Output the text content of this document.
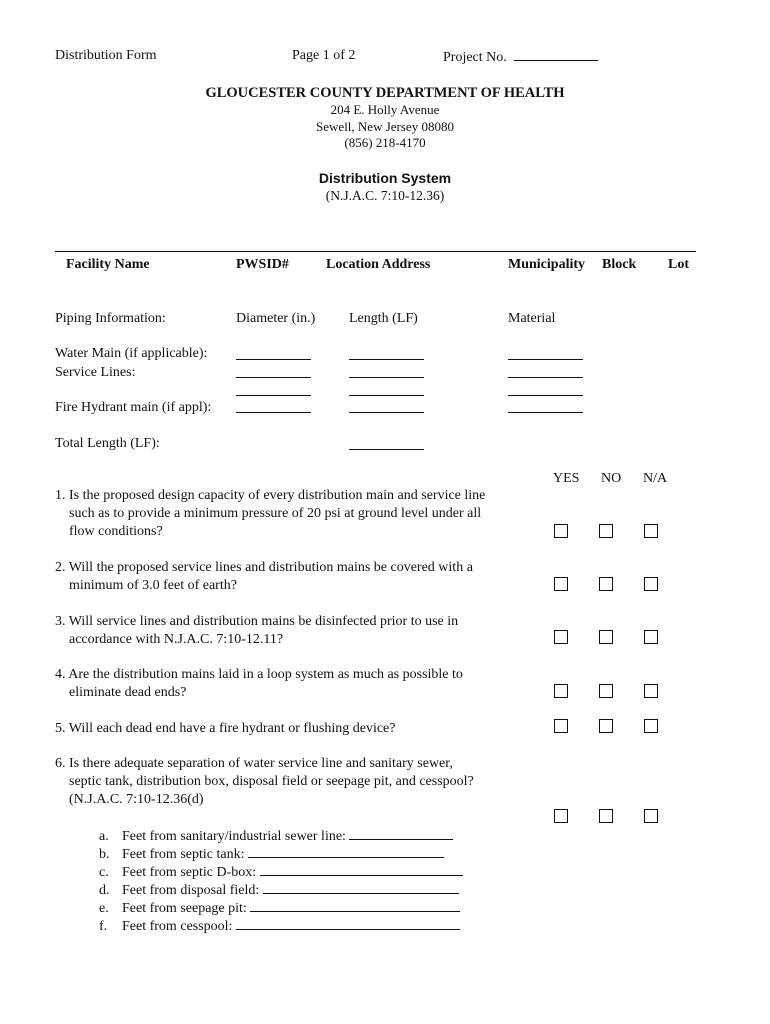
Distribution Form	Page 1 of 2	Project No.
GLOUCESTER COUNTY DEPARTMENT OF HEALTH
204 E. Holly Avenue
Sewell, New Jersey 08080
(856) 218-4170
Distribution System
(N.J.A.C. 7:10-12.36)
Facility Name	PWSID#	Location Address	Municipality Block Lot
Piping Information:	Diameter (in.) Length (LF)	Material
Water Main (if applicable):
Service Lines:
Fire Hydrant main (if appl):
Total Length (LF):
YES NO N/A
1. Is the proposed design capacity of every distribution main and service line
such as to provide a minimum pressure of 20 psi at ground level under all
flow conditions?
2. Will the proposed service lines and distribution mains be covered with a
minimum of 3.0 feet of earth?
3. Will service lines and distribution mains be disinfected prior to use in
accordance with N.J.A.C. 7:10-12.11?
4. Are the distribution mains laid in a loop system as much as possible to
eliminate dead ends?
5. Will each dead end have a fire hydrant or flushing device?
6. Is there adequate separation of water service line and sanitary sewer,
septic tank, distribution box, disposal field or seepage pit, and cesspool?
(N.J.A.C. 7:10-12.36(d)
a. Feet from sanitary/industrial sewer line:
b. Feet from septic tank:
c. Feet from septic D-box:
d. Feet from disposal field:
e. Feet from seepage pit:
f. Feet from cesspool:
